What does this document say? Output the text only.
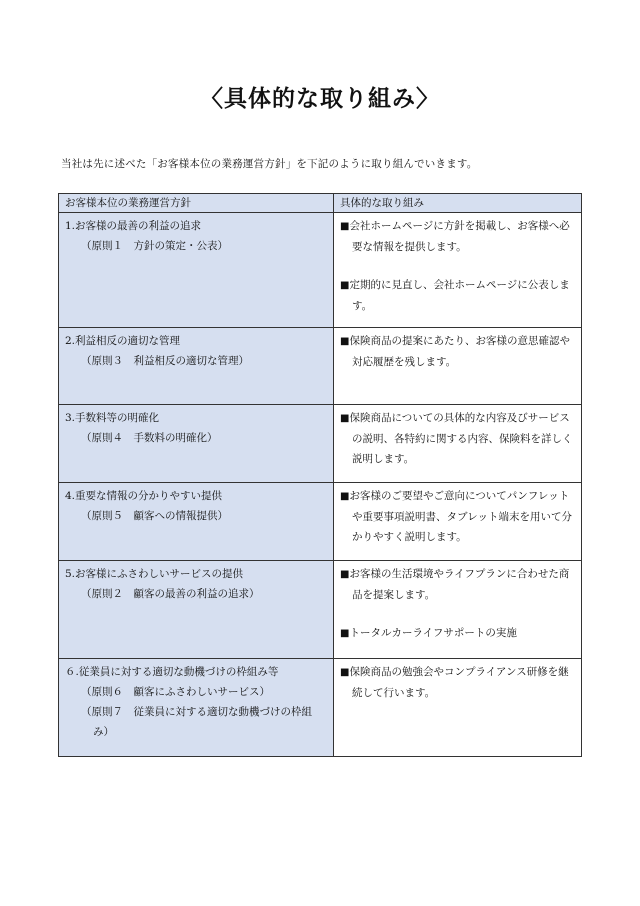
〈具体的な取り組み〉
当社は先に述べた「お客様本位の業務運営方針」を下記のように取り組んでいきます。
お客様本位の業務運営方針	具体的な取り組み

1.お客様の最善の利益の追求
（原則１　方針の策定・公表）	■会社ホームページに方針を掲載し、お客様へ必要な情報を提供します。
■定期的に見直し、会社ホームページに公表します。

2.利益相反の適切な管理
（原則３　利益相反の適切な管理）	■保険商品の提案にあたり、お客様の意思確認や対応履歴を残します。

3.手数料等の明確化
（原則４　手数料の明確化）	■保険商品についての具体的な内容及びサービスの説明、各特約に関する内容、保険料を詳しく説明します。

4.重要な情報の分かりやすい提供
（原則５　顧客への情報提供）	■お客様のご要望やご意向についてパンフレットや重要事項説明書、タブレット端末を用いて分かりやすく説明します。

5.お客様にふさわしいサービスの提供
（原則２　顧客の最善の利益の追求）	■お客様の生活環境やライフプランに合わせた商品を提案します。
■トータルカーライフサポートの実施

６.従業員に対する適切な動機づけの枠組み等
（原則６　顧客にふさわしいサービス）
（原則７　従業員に対する適切な動機づけの枠組み）	■保険商品の勉強会やコンプライアンス研修を継続して行います。
